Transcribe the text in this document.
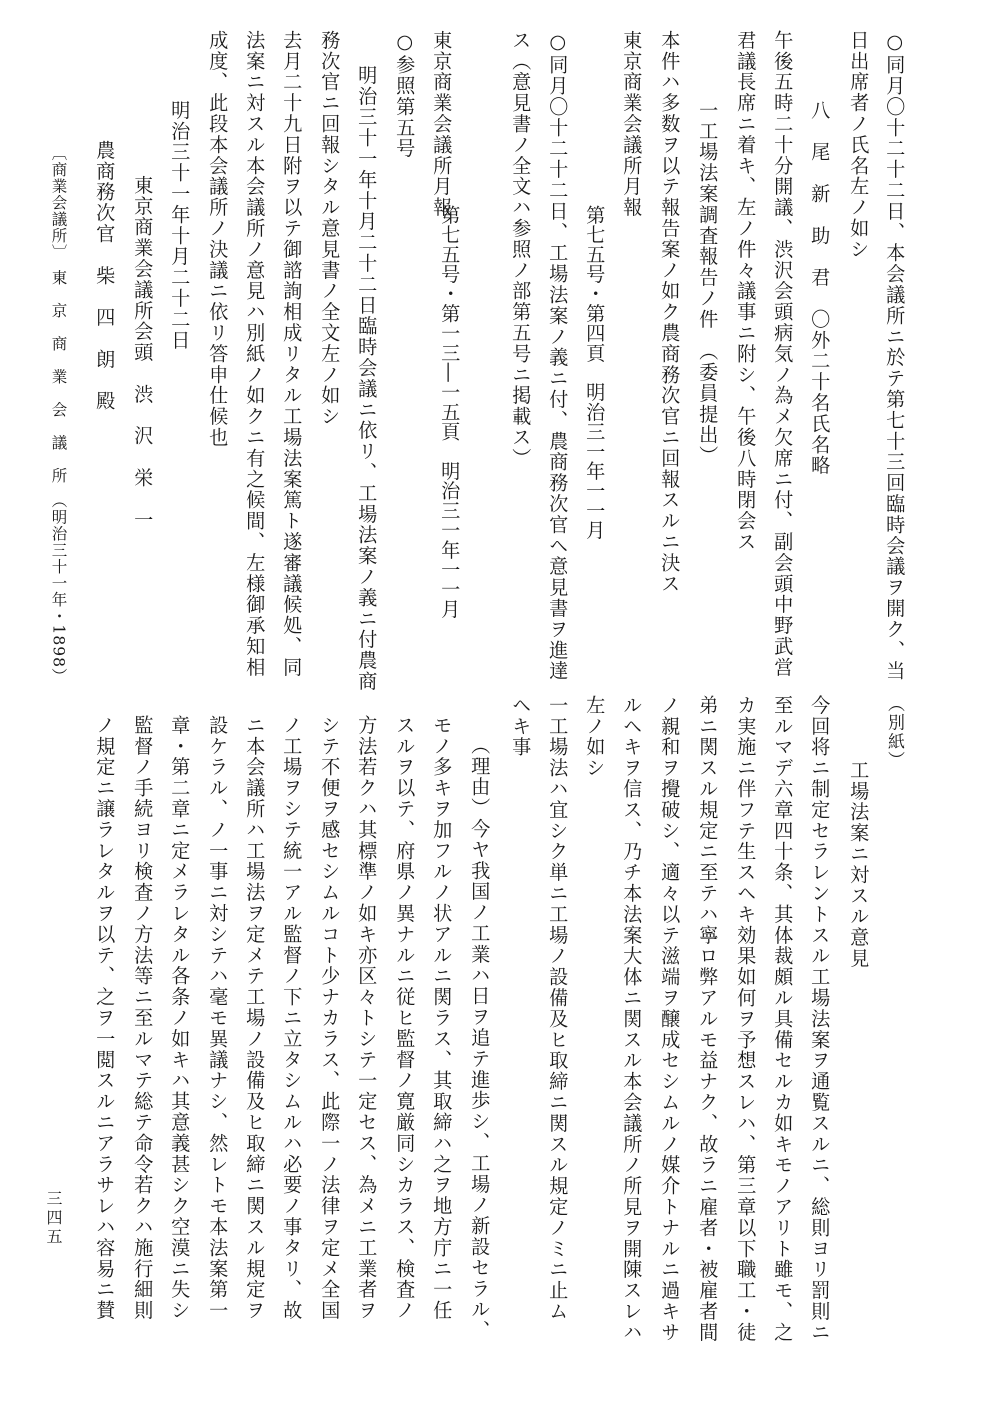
○同月〇十二十二日、本会議所ニ於テ第七十三回臨時会議ヲ開ク、当
日出席者ノ氏名左ノ如シ
八　尾　新　助　君　〇外二十名氏名略
午後五時二十分開議、渋沢会頭病気ノ為メ欠席ニ付、副会頭中野武営
君議長席ニ着キ、左ノ件々議事ニ附シ、午後八時閉会ス
一工場法案調査報告ノ件　（委員提出）
本件ハ多数ヲ以テ報告案ノ如ク農商務次官ニ回報スルニ決ス
東京商業会議所月報
第七五号・第四頁　明治三一年一一月
○同月〇十二十二日、工場法案ノ義ニ付、農商務次官ヘ意見書ヲ進達
ス（意見書ノ全文ハ参照ノ部第五号ニ掲載ス）
東京商業会議所月報
第七五号・第一三―一五頁　明治三一年一一月
○参照第五号
明治三十一年十月二十二日臨時会議ニ依リ、工場法案ノ義ニ付農商
務次官ニ回報シタル意見書ノ全文左ノ如シ
去月二十九日附ヲ以テ御諮詢相成リタル工場法案篤ト遂審議候処、同
法案ニ対スル本会議所ノ意見ハ別紙ノ如クニ有之候間、左様御承知相
成度、此段本会議所ノ決議ニ依リ答申仕候也
明治三十一年十月二十二日
東京商業会議所会頭　渋　沢　栄　一
農商務次官　柴　四　朗　殿
〔商業会議所〕　東　京　商　業　会　議　所　（明治三十一年・1898）
（別紙）
工場法案ニ対スル意見
今回将ニ制定セラレントスル工場法案ヲ通覧スルニ、総則ヨリ罰則ニ
至ルマデ六章四十条、其体裁頗ル具備セルカ如キモノアリト雖モ、之
カ実施ニ伴フテ生スヘキ効果如何ヲ予想スレハ、第三章以下職工・徒
弟ニ関スル規定ニ至テハ寧ロ弊アルモ益ナク、故ラニ雇者・被雇者間
ノ親和ヲ攪破シ、適々以テ滋端ヲ醸成セシムルノ媒介トナルニ過キサ
ルヘキヲ信ス、乃チ本法案大体ニ関スル本会議所ノ所見ヲ開陳スレハ
左ノ如シ
一工場法ハ宜シク単ニ工場ノ設備及ヒ取締ニ関スル規定ノミニ止ム
ヘキ事
（理由）今ヤ我国ノ工業ハ日ヲ追テ進歩シ、工場ノ新設セラル、
モノ多キヲ加フルノ状アルニ関ラス、其取締ハ之ヲ地方庁ニ一任
スルヲ以テ、府県ノ異ナルニ従ヒ監督ノ寛厳同シカラス、検査ノ
方法若クハ其標準ノ如キ亦区々トシテ一定セス、為メニ工業者ヲ
シテ不便ヲ感セシムルコト少ナカラス、此際一ノ法律ヲ定メ全国
ノ工場ヲシテ統一アル監督ノ下ニ立タシムルハ必要ノ事タリ、故
ニ本会議所ハ工場法ヲ定メテ工場ノ設備及ヒ取締ニ関スル規定ヲ
設ケラル、ノ一事ニ対シテハ毫モ異議ナシ、然レトモ本法案第一
章・第二章ニ定メラレタル各条ノ如キハ其意義甚シク空漠ニ失シ
監督ノ手続ヨリ検査ノ方法等ニ至ルマテ総テ命令若クハ施行細則
ノ規定ニ譲ラレタルヲ以テ、之ヲ一閲スルニアラサレハ容易ニ賛
三四五
